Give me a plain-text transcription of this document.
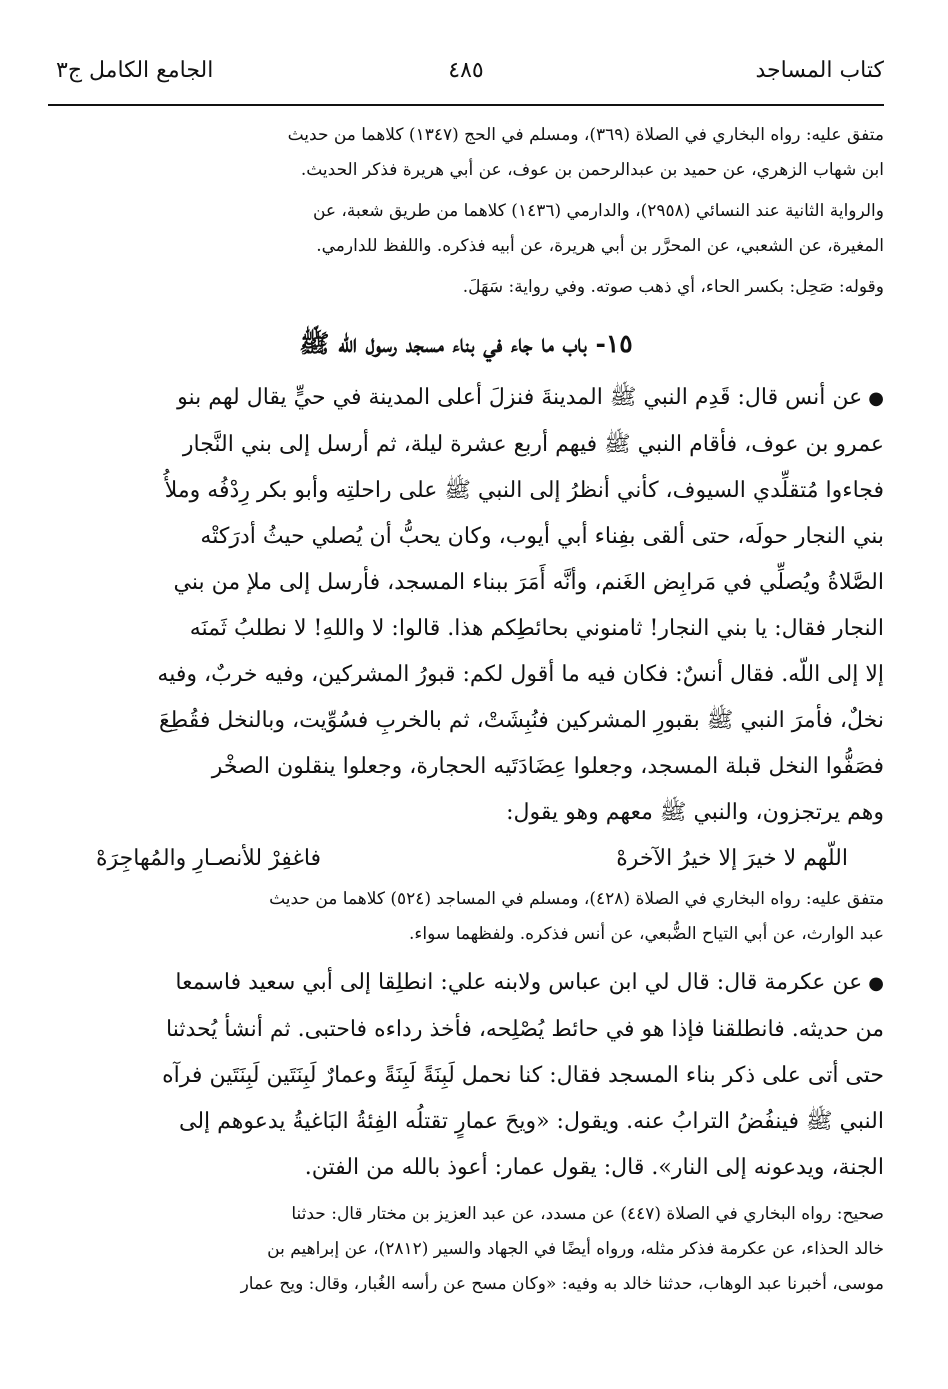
كتاب المساجد
٤٨٥
الجامع الكامل ج٣

متفق عليه: رواه البخاري في الصلاة (٣٦٩)، ومسلم في الحج (١٣٤٧) كلاهما من حديث

ابن شهاب الزهري، عن حميد بن عبدالرحمن بن عوف، عن أبي هريرة فذكر الحديث.

والرواية الثانية عند النسائي (٢٩٥٨)، والدارمي (١٤٣٦) كلاهما من طريق شعبة، عن

المغيرة، عن الشعبي، عن المحرَّر بن أبي هريرة، عن أبيه فذكره. واللفظ للدارمي.

وقوله: صَحِل: بكسر الحاء، أي ذهب صوته. وفي رواية: سَهَلَ.

١٥- باب ما جاء في بناء مسجد رسول الله ﷺ

●عن أنس قال: قَدِم النبي ﷺ المدينةَ فنزلَ أعلى المدينة في حيٍّ يقال لهم بنو

عمرو بن عوف، فأقام النبي ﷺ فيهم أربع عشرة ليلة، ثم أرسل إلى بني النَّجار

فجاءوا مُتقلِّدي السيوف، كأني أنظرُ إلى النبي ﷺ على راحلتِه وأبو بكر رِدْفُه وملأُ

بني النجار حولَه، حتى ألقى بفِناء أبي أيوب، وكان يحبُّ أن يُصلي حيثُ أدرَكتْه

الصَّلاةُ ويُصلِّي في مَرابِض الغَنم، وأنَّه أَمَرَ ببناء المسجد، فأرسل إلى ملإ من بني

النجار فقال: يا بني النجار! ثامنوني بحائطِكم هذا. قالوا: لا واللهِ! لا نطلبُ ثَمنَه

إلا إلى اللّه. فقال أنسٌ: فكان فيه ما أقول لكم: قبورُ المشركين، وفيه خربٌ، وفيه

نخلٌ، فأمرَ النبي ﷺ بقبورِ المشركين فنُبِشَتْ، ثم بالخربِ فسُوِّيت، وبالنخل فقُطِعَ

فصَفُّوا النخل قبلة المسجد، وجعلوا عِضَادَتَيه الحجارة، وجعلوا ينقلون الصخْر

وهم يرتجزون، والنبي ﷺ معهم وهو يقول:

اللّهم لا خيرَ إلا خيرُ الآخرهْ
فاغفِرْ للأنصـارِ والمُهاجِرَهْ

متفق عليه: رواه البخاري في الصلاة (٤٢٨)، ومسلم في المساجد (٥٢٤) كلاهما من حديث

عبد الوارث، عن أبي التياح الضُّبعي، عن أنس فذكره. ولفظهما سواء.

●عن عكرمة قال: قال لي ابن عباس ولابنه علي: انطلِقا إلى أبي سعيد فاسمعا

من حديثه. فانطلقنا فإذا هو في حائط يُصْلِحه، فأخذ رداءه فاحتبى. ثم أنشأ يُحدثنا

حتى أتى على ذكر بناء المسجد فقال: كنا نحمل لَبِنَةً لَبِنَةً وعمارٌ لَبِنَتَين لَبِنَتَين فرآه

النبي ﷺ فينفُضُ الترابُ عنه. ويقول: «ويحَ عمارٍ تقتلُه الفِئةُ البَاغيةُ يدعوهم إلى

الجنة، ويدعونه إلى النار». قال: يقول عمار: أعوذ بالله من الفتن.

صحيح: رواه البخاري في الصلاة (٤٤٧) عن مسدد، عن عبد العزيز بن مختار قال: حدثنا

خالد الحذاء، عن عكرمة فذكر مثله، ورواه أيضًا في الجهاد والسير (٢٨١٢)، عن إبراهيم بن

موسى، أخبرنا عبد الوهاب، حدثنا خالد به وفيه: «وكان مسح عن رأسه الغُبار، وقال: ويح عمار
